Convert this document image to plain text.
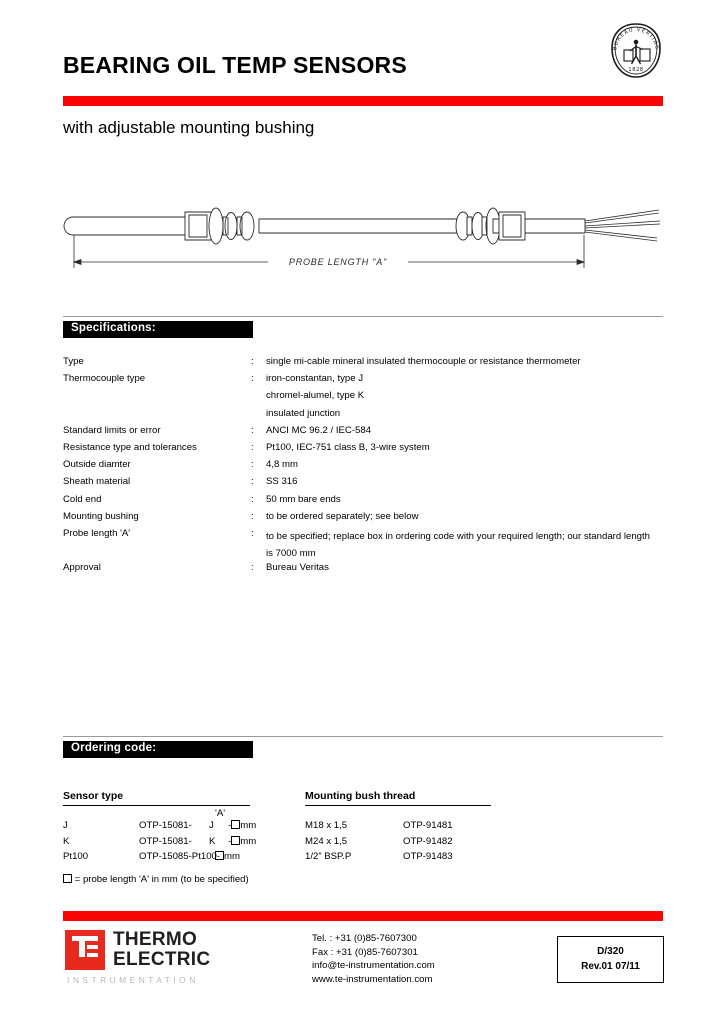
BUREAU VERITAS
1828
BEARING OIL TEMP SENSORS
with adjustable mounting bushing
PROBE LENGTH "A"
Specifications:
Type	: single mi-cable mineral insulated thermocouple or resistance thermometer
Thermocouple type	: iron-constantan, type J
chromel-alumel, type K
insulated junction
Standard limits or error	: ANCI MC 96.2 / IEC-584
Resistance type and tolerances	: Pt100, IEC-751 class B, 3-wire system
Outside diamter	: 4,8 mm
Sheath material	: SS 316
Cold end	: 50 mm bare ends
Mounting bushing	: to be ordered separately; see below
Probe length 'A'	: to be specified; replace box in ordering code with your required length; our standard length is 7000 mm
Approval	: Bureau Veritas
Ordering code:
Sensor type
'A'
J	OTP-15081- J - mm
K	OTP-15081- K - mm
Pt100	OTP-15085-Pt100- mm
= probe length 'A' in mm (to be specified)
Mounting bush thread
M18 x 1,5	OTP-91481
M24 x 1,5	OTP-91482
1/2” BSP.P	OTP-91483
THERMO
ELECTRIC
INSTRUMENTATION
Tel. : +31 (0)85-7607300
Fax : +31 (0)85-7607301
info@te-instrumentation.com
www.te-instrumentation.com
D/320
Rev.01 07/11
